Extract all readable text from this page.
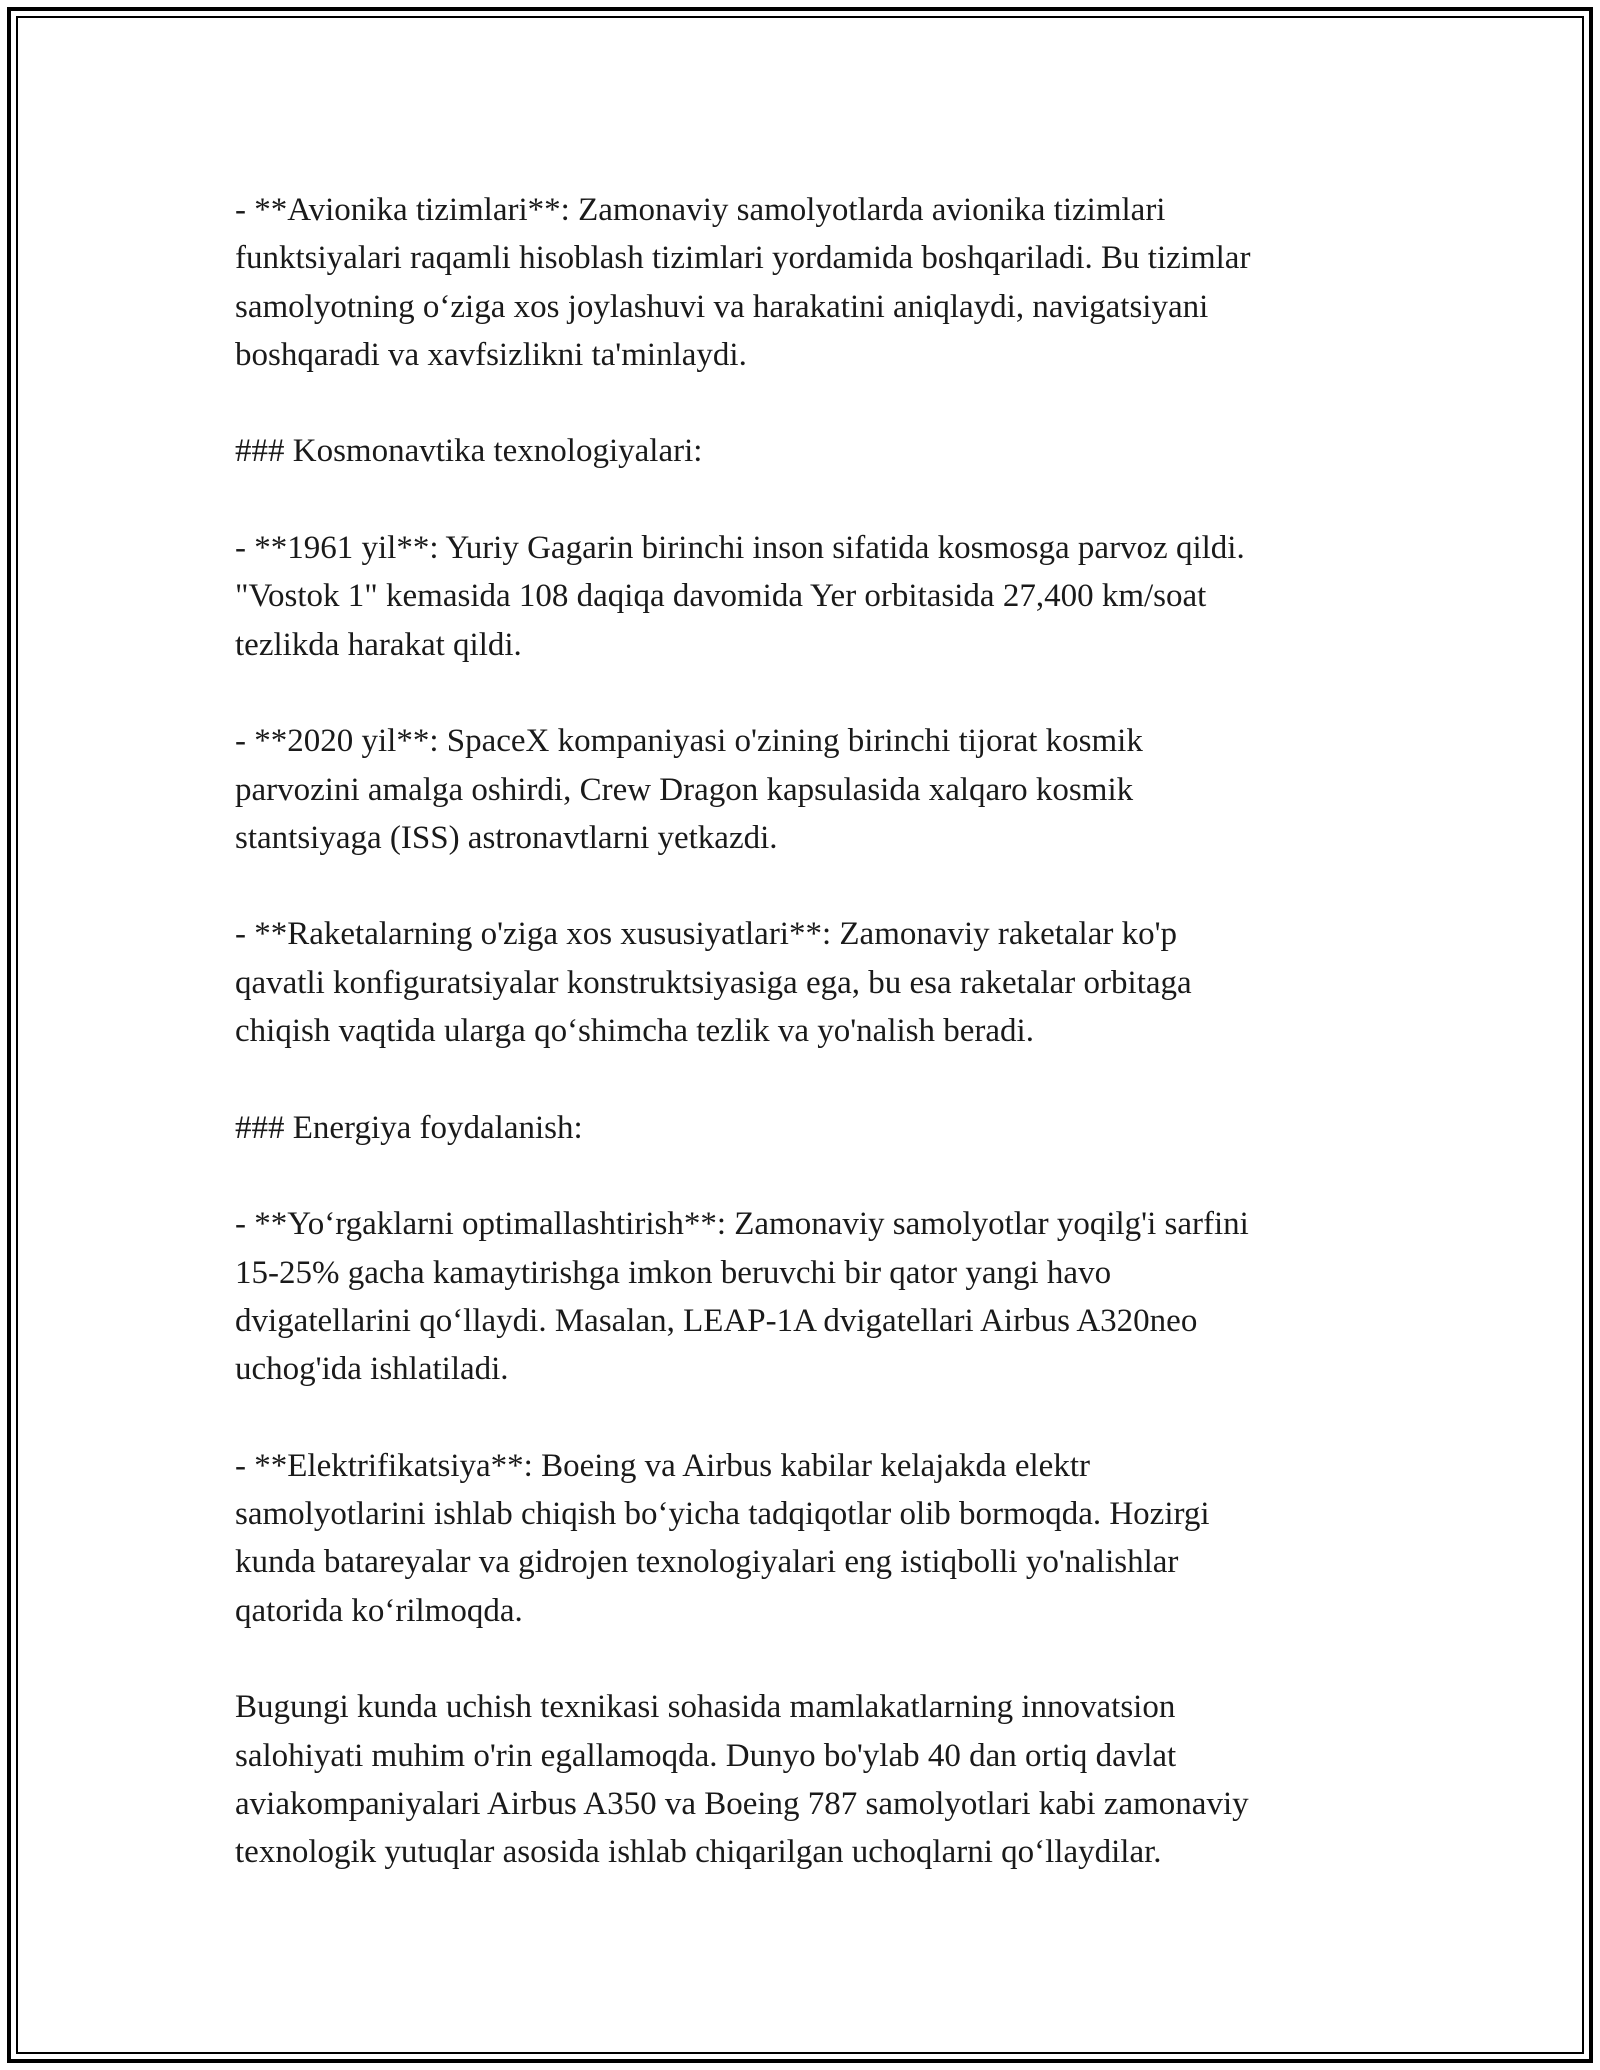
- **Avionika tizimlari**: Zamonaviy samolyotlarda avionika tizimlari
funktsiyalari raqamli hisoblash tizimlari yordamida boshqariladi. Bu tizimlar
samolyotning o‘ziga xos joylashuvi va harakatini aniqlaydi, navigatsiyani
boshqaradi va xavfsizlikni ta'minlaydi.

### Kosmonavtika texnologiyalari:

- **1961 yil**: Yuriy Gagarin birinchi inson sifatida kosmosga parvoz qildi.
"Vostok 1" kemasida 108 daqiqa davomida Yer orbitasida 27,400 km/soat
tezlikda harakat qildi.

- **2020 yil**: SpaceX kompaniyasi o'zining birinchi tijorat kosmik
parvozini amalga oshirdi, Crew Dragon kapsulasida xalqaro kosmik
stantsiyaga (ISS) astronavtlarni yetkazdi.

- **Raketalarning o'ziga xos xususiyatlari**: Zamonaviy raketalar ko'p
qavatli konfiguratsiyalar konstruktsiyasiga ega, bu esa raketalar orbitaga
chiqish vaqtida ularga qo‘shimcha tezlik va yo'nalish beradi.

### Energiya foydalanish:

- **Yo‘rgaklarni optimallashtirish**: Zamonaviy samolyotlar yoqilg'i sarfini
15-25% gacha kamaytirishga imkon beruvchi bir qator yangi havo
dvigatellarini qo‘llaydi. Masalan, LEAP-1A dvigatellari Airbus A320neo
uchog'ida ishlatiladi.

- **Elektrifikatsiya**: Boeing va Airbus kabilar kelajakda elektr
samolyotlarini ishlab chiqish bo‘yicha tadqiqotlar olib bormoqda. Hozirgi
kunda batareyalar va gidrojen texnologiyalari eng istiqbolli yo'nalishlar
qatorida ko‘rilmoqda.

Bugungi kunda uchish texnikasi sohasida mamlakatlarning innovatsion
salohiyati muhim o'rin egallamoqda. Dunyo bo'ylab 40 dan ortiq davlat
aviakompaniyalari Airbus A350 va Boeing 787 samolyotlari kabi zamonaviy
texnologik yutuqlar asosida ishlab chiqarilgan uchoqlarni qo‘llaydilar.
